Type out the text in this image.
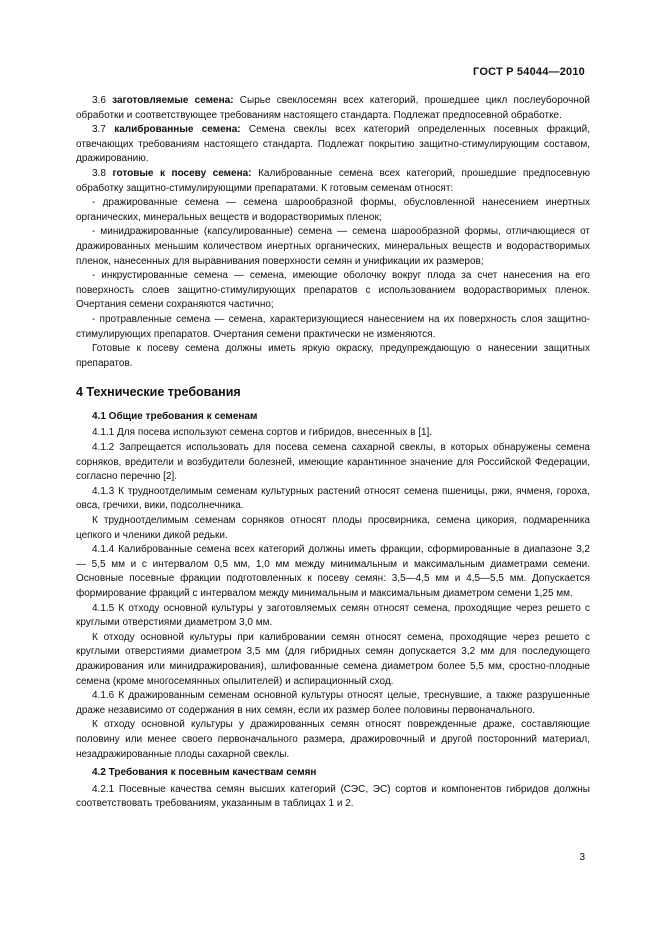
ГОСТ Р 54044—2010

3.6 заготовляемые семена: Сырье свеклосемян всех категорий, прошедшее цикл послеуборочной обработки и соответствующее требованиям настоящего стандарта. Подлежат предпосевной обработке.

3.7 калиброванные семена: Семена свеклы всех категорий определенных посевных фракций, отвечающих требованиям настоящего стандарта. Подлежат покрытию защитно-стимулирующим составом, дражированию.

3.8 готовые к посеву семена: Калиброванные семена всех категорий, прошедшие предпосевную обработку защитно-стимулирующими препаратами. К готовым семенам относят:

- дражированные семена — семена шарообразной формы, обусловленной нанесением инертных органических, минеральных веществ и водорастворимых пленок;

- минидражированные (капсулированные) семена — семена шарообразной формы, отличающиеся от дражированных меньшим количеством инертных органических, минеральных веществ и водорастворимых пленок, нанесенных для выравнивания поверхности семян и унификации их размеров;

- инкрустированные семена — семена, имеющие оболочку вокруг плода за счет нанесения на его поверхность слоев защитно-стимулирующих препаратов с использованием водорастворимых пленок. Очертания семени сохраняются частично;

- протравленные семена — семена, характеризующиеся нанесением на их поверхность слоя защитно-стимулирующих препаратов. Очертания семени практически не изменяются.

Готовые к посеву семена должны иметь яркую окраску, предупреждающую о нанесении защитных препаратов.

4 Технические требования

4.1 Общие требования к семенам

4.1.1 Для посева используют семена сортов и гибридов, внесенных в [1].

4.1.2 Запрещается использовать для посева семена сахарной свеклы, в которых обнаружены семена сорняков, вредители и возбудители болезней, имеющие карантинное значение для Российской Федерации, согласно перечню [2].

4.1.3 К трудноотделимым семенам культурных растений относят семена пшеницы, ржи, ячменя, гороха, овса, гречихи, вики, подсолнечника.

К трудноотделимым семенам сорняков относят плоды просвирника, семена цикория, подмаренника цепкого и членики дикой редьки.

4.1.4 Калиброванные семена всех категорий должны иметь фракции, сформированные в диапазоне 3,2 — 5,5 мм и с интервалом 0,5 мм, 1,0 мм между минимальным и максимальным диаметрами семени. Основные посевные фракции подготовленных к посеву семян: 3,5—4,5 мм и 4,5—5,5 мм. Допускается формирование фракций с интервалом между минимальным и максимальным диаметром семени 1,25 мм.

4.1.5 К отходу основной культуры у заготовляемых семян относят семена, проходящие через решето с круглыми отверстиями диаметром 3,0 мм.

К отходу основной культуры при калибровании семян относят семена, проходящие через решето с круглыми отверстиями диаметром 3,5 мм (для гибридных семян допускается 3,2 мм для последующего дражирования или минидражирования), шлифованные семена диаметром более 5,5 мм, сростно-плодные семена (кроме многосемянных опылителей) и аспирационный сход.

4.1.6 К дражированным семенам основной культуры относят целые, треснувшие, а также разрушенные драже независимо от содержания в них семян, если их размер более половины первоначального.

К отходу основной культуры у дражированных семян относят поврежденные драже, составляющие половину или менее своего первоначального размера, дражировочный и другой посторонний материал, незадражированные плоды сахарной свеклы.

4.2 Требования к посевным качествам семян

4.2.1 Посевные качества семян высших категорий (СЭС, ЭС) сортов и компонентов гибридов должны соответствовать требованиям, указанным в таблицах 1 и 2.

3
